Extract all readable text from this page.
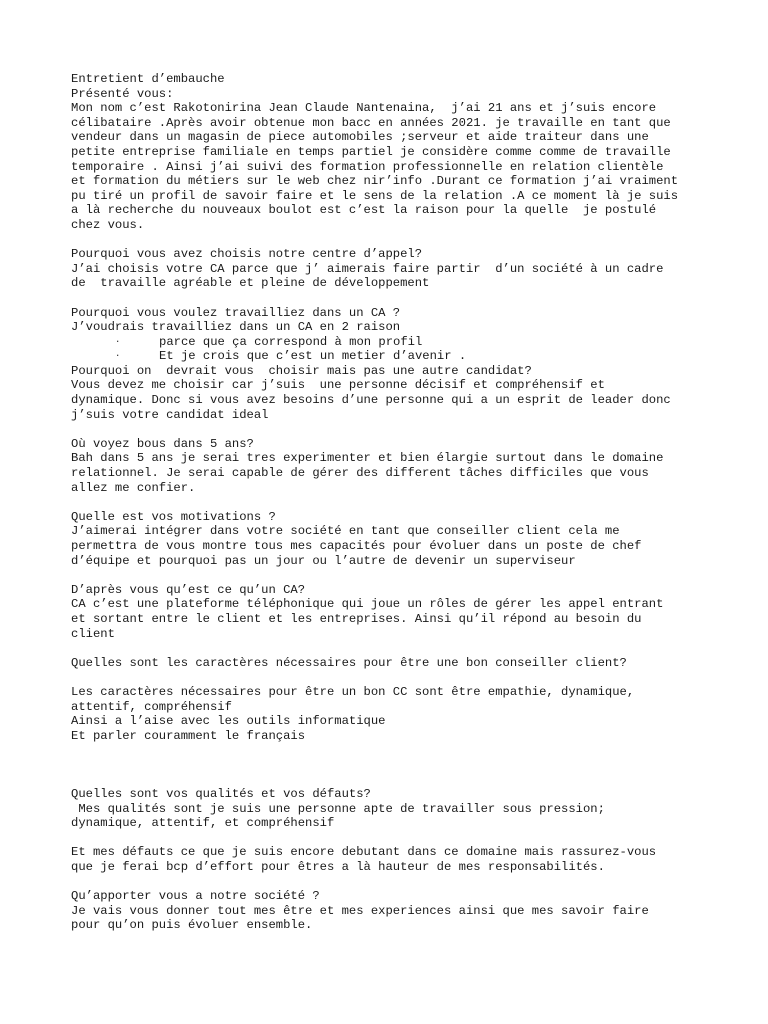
Entretient d’embauche
Présenté vous:
Mon nom c’est Rakotonirina Jean Claude Nantenaina,  j’ai 21 ans et j’suis encore
célibataire .Après avoir obtenue mon bacc en années 2021. je travaille en tant que
vendeur dans un magasin de piece automobiles ;serveur et aide traiteur dans une
petite entreprise familiale en temps partiel je considère comme comme de travaille
temporaire . Ainsi j’ai suivi des formation professionnelle en relation clientèle
et formation du métiers sur le web chez nir’info .Durant ce formation j’ai vraiment
pu tiré un profil de savoir faire et le sens de la relation .A ce moment là je suis
a là recherche du nouveaux boulot est c’est la raison pour la quelle  je postulé
chez vous.
Pourquoi vous avez choisis notre centre d’appel?
J’ai choisis votre CA parce que j’ aimerais faire partir  d’un société à un cadre
de  travaille agréable et pleine de développement
Pourquoi vous voulez travailliez dans un CA ?
J’voudrais travailliez dans un CA en 2 raison
·	parce que ça correspond à mon profil
·	Et je crois que c’est un metier d’avenir .
Pourquoi on  devrait vous  choisir mais pas une autre candidat?
Vous devez me choisir car j’suis  une personne décisif et compréhensif et
dynamique. Donc si vous avez besoins d’une personne qui a un esprit de leader donc
j’suis votre candidat ideal
Où voyez bous dans 5 ans?
Bah dans 5 ans je serai tres experimenter et bien élargie surtout dans le domaine
relationnel. Je serai capable de gérer des different tâches difficiles que vous
allez me confier.
Quelle est vos motivations ?
J’aimerai intégrer dans votre société en tant que conseiller client cela me
permettra de vous montre tous mes capacités pour évoluer dans un poste de chef
d’équipe et pourquoi pas un jour ou l’autre de devenir un superviseur
D’après vous qu’est ce qu’un CA?
CA c’est une plateforme téléphonique qui joue un rôles de gérer les appel entrant
et sortant entre le client et les entreprises. Ainsi qu’il répond au besoin du
client
Quelles sont les caractères nécessaires pour être une bon conseiller client?
Les caractères nécessaires pour être un bon CC sont être empathie, dynamique,
attentif, compréhensif
Ainsi a l’aise avec les outils informatique
Et parler couramment le français
Quelles sont vos qualités et vos défauts?
Mes qualités sont je suis une personne apte de travailler sous pression;
dynamique, attentif, et compréhensif
Et mes défauts ce que je suis encore debutant dans ce domaine mais rassurez-vous
que je ferai bcp d’effort pour êtres a là hauteur de mes responsabilités.
Qu’apporter vous a notre société ?
Je vais vous donner tout mes être et mes experiences ainsi que mes savoir faire
pour qu’on puis évoluer ensemble.
